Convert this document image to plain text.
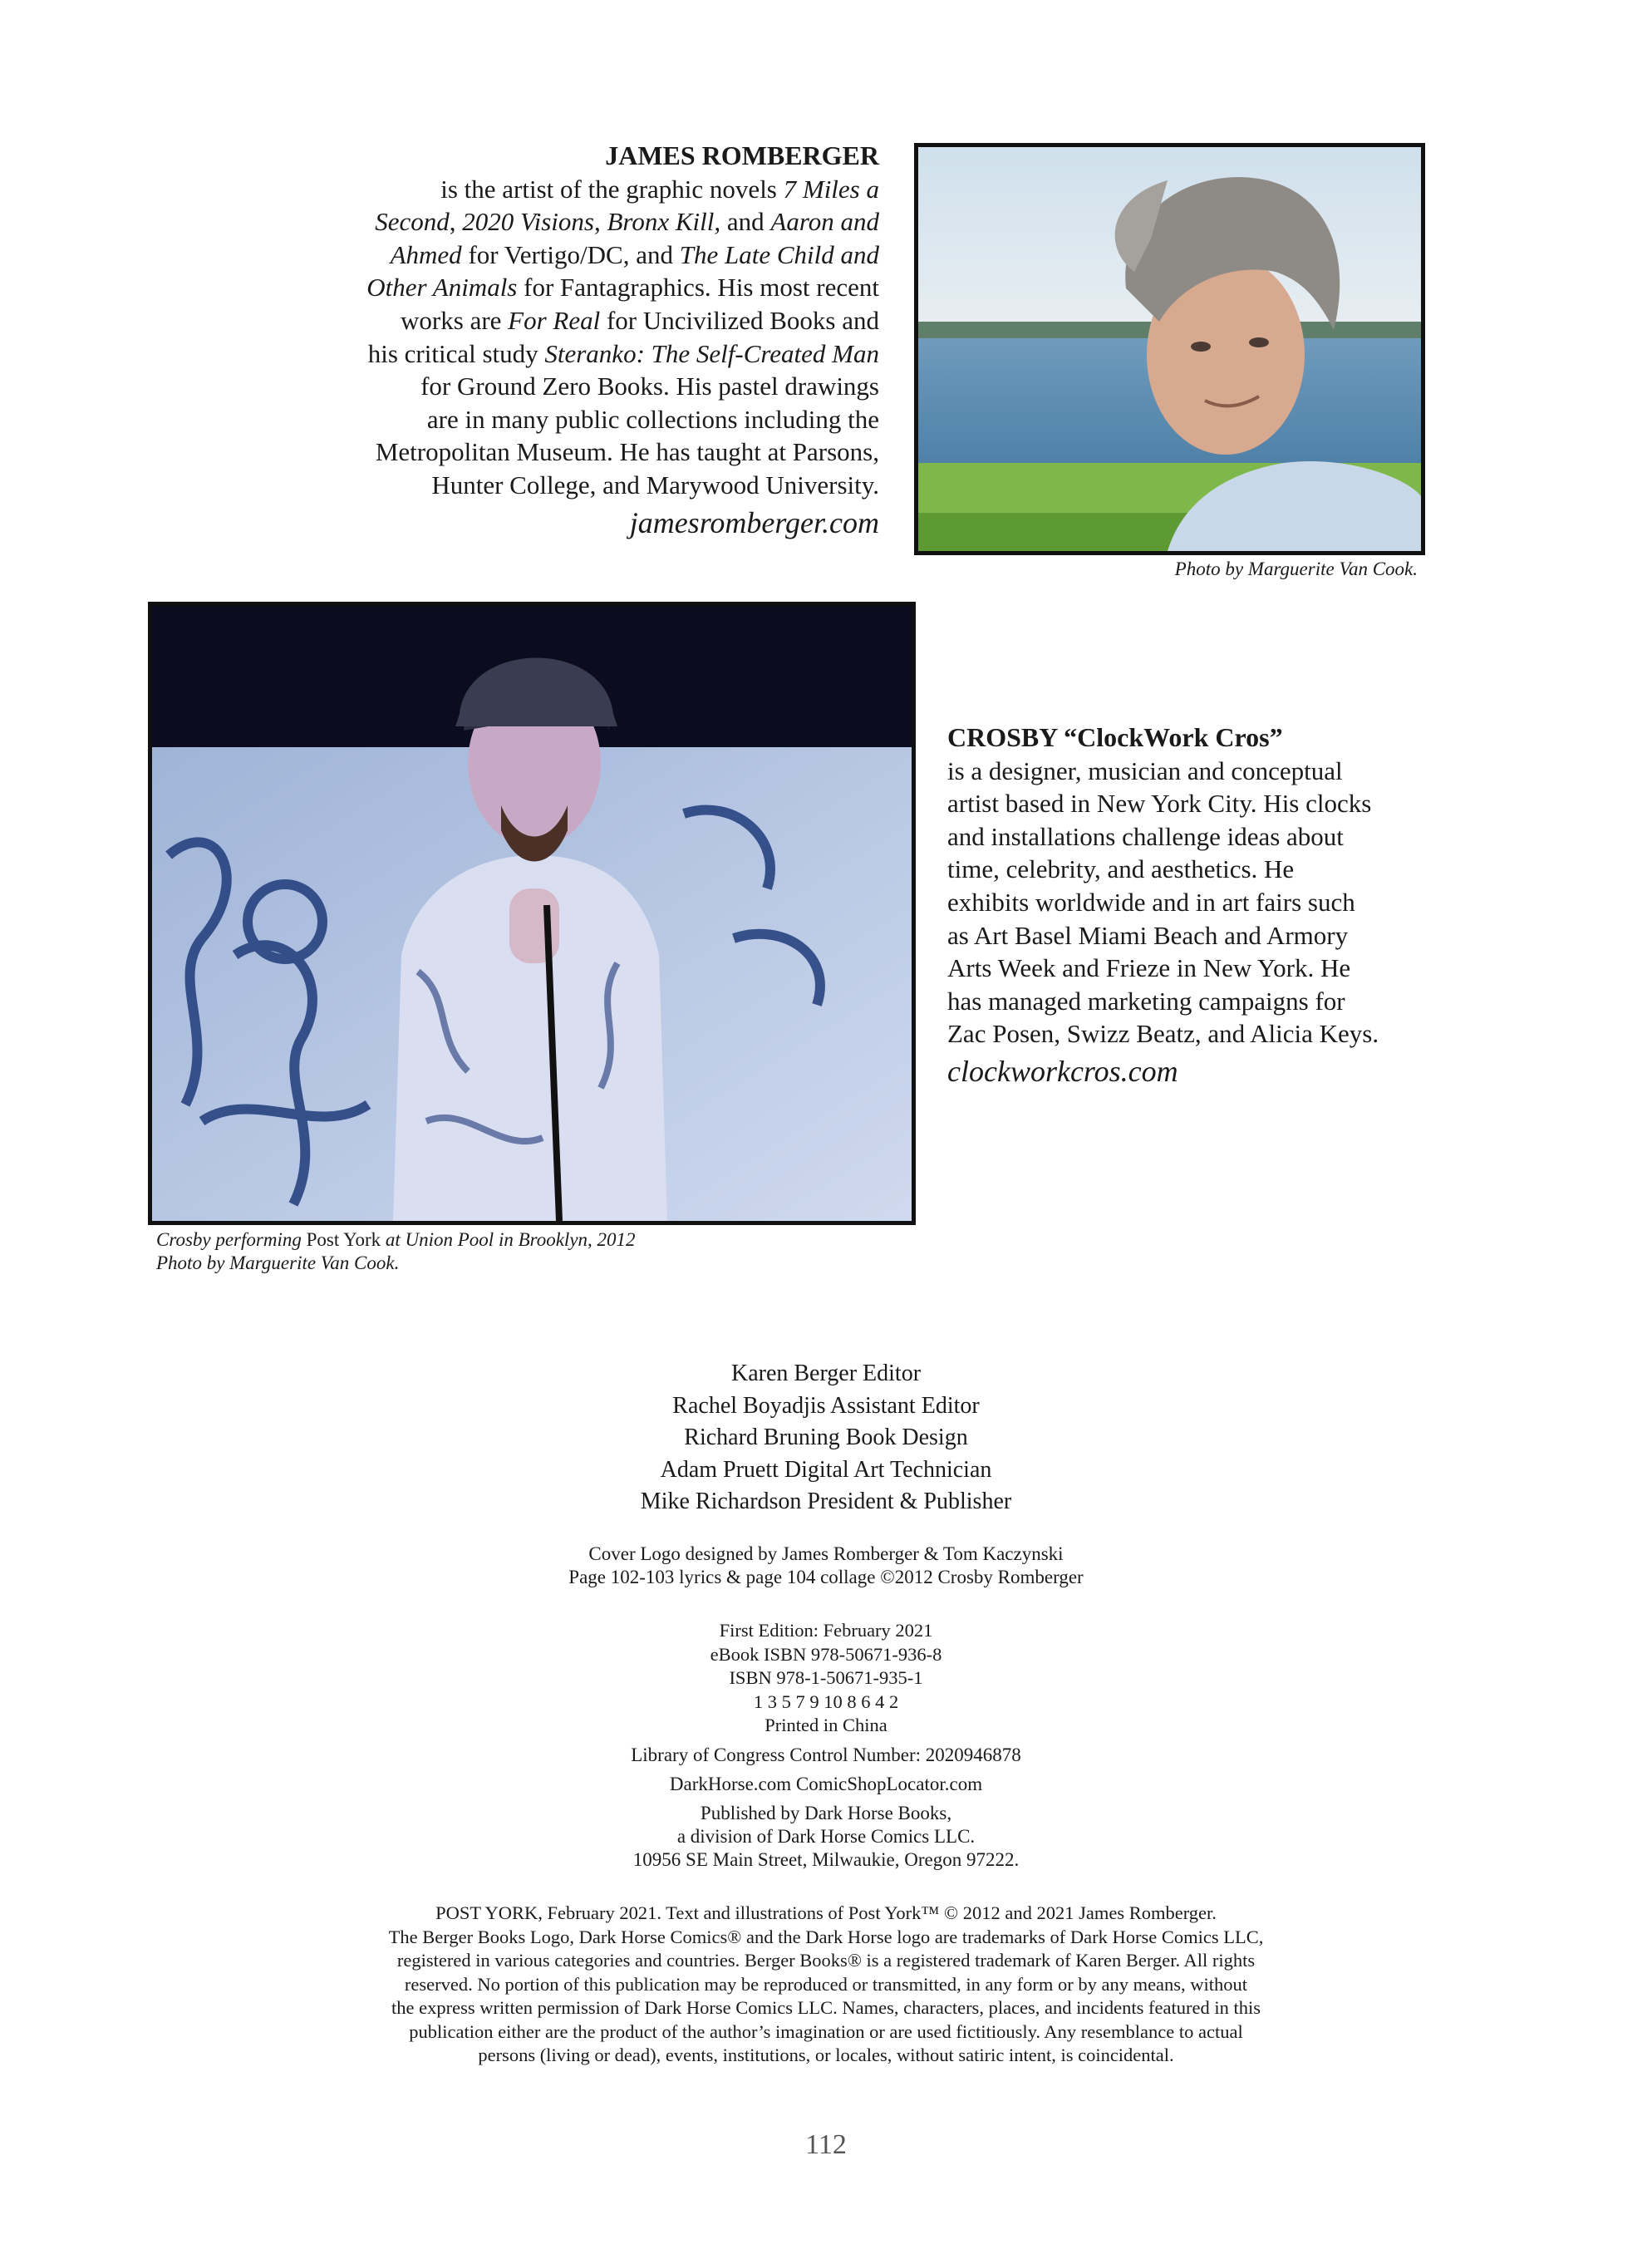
JAMES ROMBERGER
is the artist of the graphic novels 7 Miles a
Second, 2020 Visions, Bronx Kill, and Aaron and
Ahmed for Vertigo/DC, and The Late Child and
Other Animals for Fantagraphics. His most recent
works are For Real for Uncivilized Books and
his critical study Steranko: The Self-Created Man
for Ground Zero Books. His pastel drawings
are in many public collections including the
Metropolitan Museum. He has taught at Parsons,
Hunter College, and Marywood University.
jamesromberger.com
Photo by Marguerite Van Cook.
Crosby performing Post York at Union Pool in Brooklyn, 2012
Photo by Marguerite Van Cook.
CROSBY “ClockWork Cros”
is a designer, musician and conceptual
artist based in New York City. His clocks
and installations challenge ideas about
time, celebrity, and aesthetics. He
exhibits worldwide and in art fairs such
as Art Basel Miami Beach and Armory
Arts Week and Frieze in New York. He
has managed marketing campaigns for
Zac Posen, Swizz Beatz, and Alicia Keys.
clockworkcros.com
Karen Berger Editor
Rachel Boyadjis Assistant Editor
Richard Bruning Book Design
Adam Pruett Digital Art Technician
Mike Richardson President & Publisher
Cover Logo designed by James Romberger & Tom Kaczynski
Page 102-103 lyrics & page 104 collage ©2012 Crosby Romberger
First Edition: February 2021
eBook ISBN 978-50671-936-8
ISBN 978-1-50671-935-1
1 3 5 7 9 10 8 6 4 2
Printed in China
Library of Congress Control Number: 2020946878
DarkHorse.com ComicShopLocator.com
Published by Dark Horse Books,
a division of Dark Horse Comics LLC.
10956 SE Main Street, Milwaukie, Oregon 97222.
POST YORK, February 2021. Text and illustrations of Post York™ © 2012 and 2021 James Romberger.
The Berger Books Logo, Dark Horse Comics® and the Dark Horse logo are trademarks of Dark Horse Comics LLC,
registered in various categories and countries. Berger Books® is a registered trademark of Karen Berger. All rights
reserved. No portion of this publication may be reproduced or transmitted, in any form or by any means, without
the express written permission of Dark Horse Comics LLC. Names, characters, places, and incidents featured in this
publication either are the product of the author’s imagination or are used fictitiously. Any resemblance to actual
persons (living or dead), events, institutions, or locales, without satiric intent, is coincidental.
112
